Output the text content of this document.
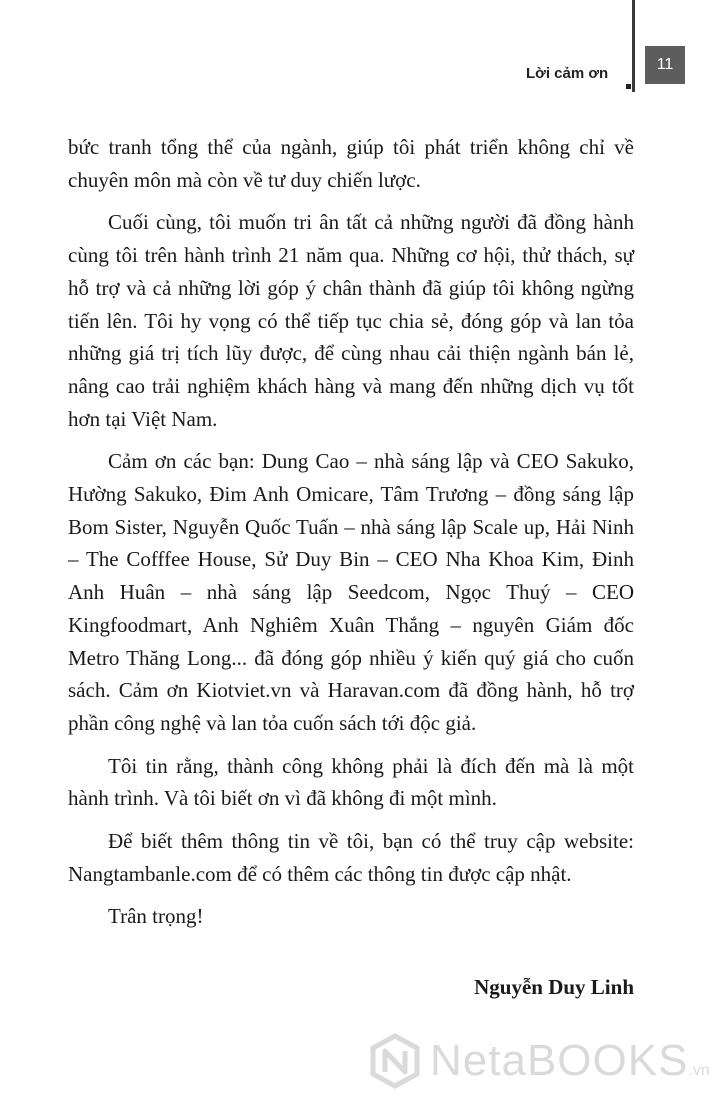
Lời cảm ơn
11

bức tranh tổng thể của ngành, giúp tôi phát triển không chỉ về chuyên môn mà còn về tư duy chiến lược.

Cuối cùng, tôi muốn tri ân tất cả những người đã đồng hành cùng tôi trên hành trình 21 năm qua. Những cơ hội, thử thách, sự hỗ trợ và cả những lời góp ý chân thành đã giúp tôi không ngừng tiến lên. Tôi hy vọng có thể tiếp tục chia sẻ, đóng góp và lan tỏa những giá trị tích lũy được, để cùng nhau cải thiện ngành bán lẻ, nâng cao trải nghiệm khách hàng và mang đến những dịch vụ tốt hơn tại Việt Nam.

Cảm ơn các bạn: Dung Cao – nhà sáng lập và CEO Sakuko, Hường Sakuko, Đim Anh Omicare, Tâm Trương – đồng sáng lập Bom Sister, Nguyễn Quốc Tuấn – nhà sáng lập Scale up, Hải Ninh – The Cofffee House, Sử Duy Bin – CEO Nha Khoa Kim, Đinh Anh Huân – nhà sáng lập Seedcom, Ngọc Thuý – CEO Kingfoodmart, Anh Nghiêm Xuân Thắng – nguyên Giám đốc Metro Thăng Long... đã đóng góp nhiều ý kiến quý giá cho cuốn sách. Cảm ơn Kiotviet.vn và Haravan.com đã đồng hành, hỗ trợ phần công nghệ và lan tỏa cuốn sách tới độc giả.

Tôi tin rằng, thành công không phải là đích đến mà là một hành trình. Và tôi biết ơn vì đã không đi một mình.

Để biết thêm thông tin về tôi, bạn có thể truy cập website: Nangtambanle.com để có thêm các thông tin được cập nhật.

Trân trọng!

Nguyễn Duy Linh
NetaBOOKS.vn
